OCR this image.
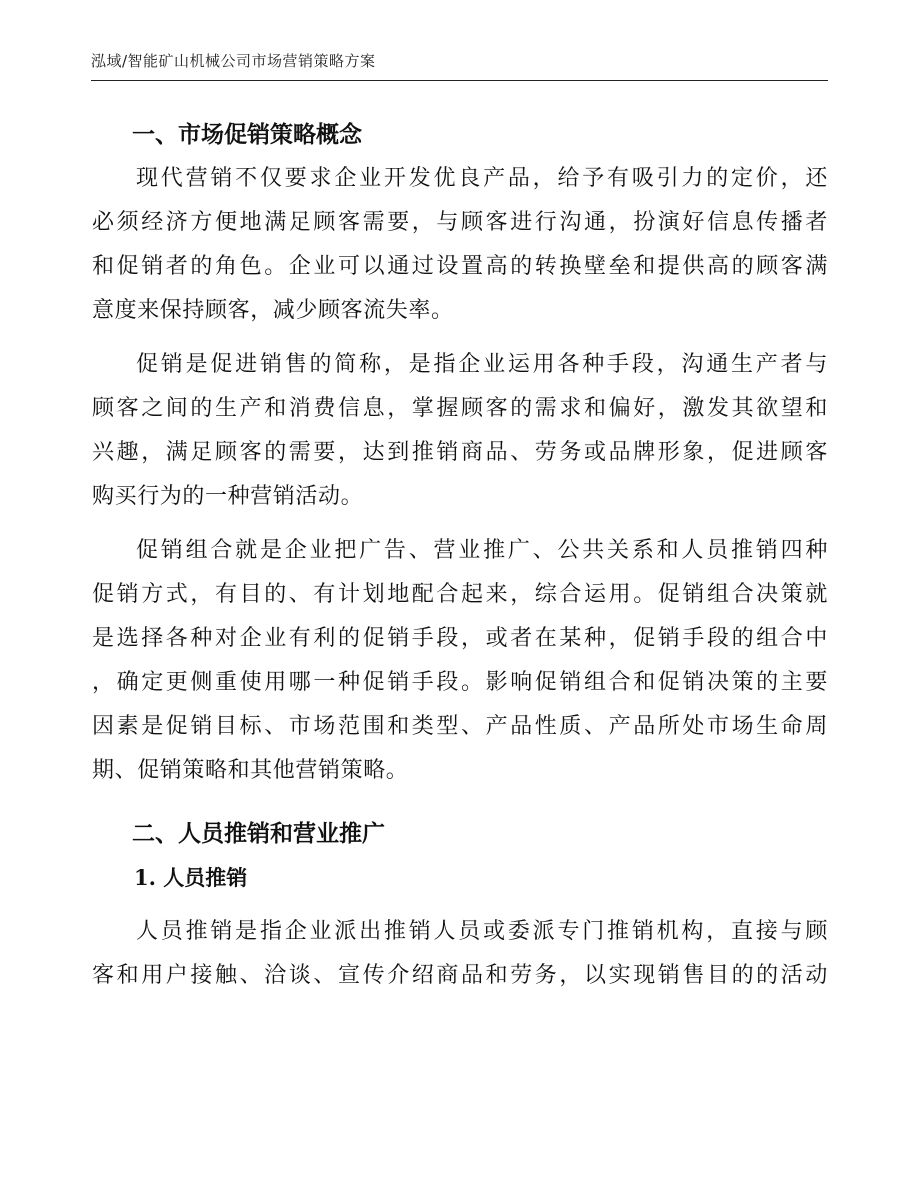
泓域/智能矿山机械公司市场营销策略方案
一、市场促销策略概念
现代营销不仅要求企业开发优良产品，给予有吸引力的定价，还
必须经济方便地满足顾客需要，与顾客进行沟通，扮演好信息传播者
和促销者的角色。企业可以通过设置高的转换壁垒和提供高的顾客满
意度来保持顾客，减少顾客流失率。
促销是促进销售的简称，是指企业运用各种手段，沟通生产者与
顾客之间的生产和消费信息，掌握顾客的需求和偏好，激发其欲望和
兴趣，满足顾客的需要，达到推销商品、劳务或品牌形象，促进顾客
购买行为的一种营销活动。
促销组合就是企业把广告、营业推广、公共关系和人员推销四种
促销方式，有目的、有计划地配合起来，综合运用。促销组合决策就
是选择各种对企业有利的促销手段，或者在某种，促销手段的组合中
，确定更侧重使用哪一种促销手段。影响促销组合和促销决策的主要
因素是促销目标、市场范围和类型、产品性质、产品所处市场生命周
期、促销策略和其他营销策略。
二、人员推销和营业推广
1. 人员推销
人员推销是指企业派出推销人员或委派专门推销机构，直接与顾
客和用户接触、洽谈、宣传介绍商品和劳务，以实现销售目的的活动
